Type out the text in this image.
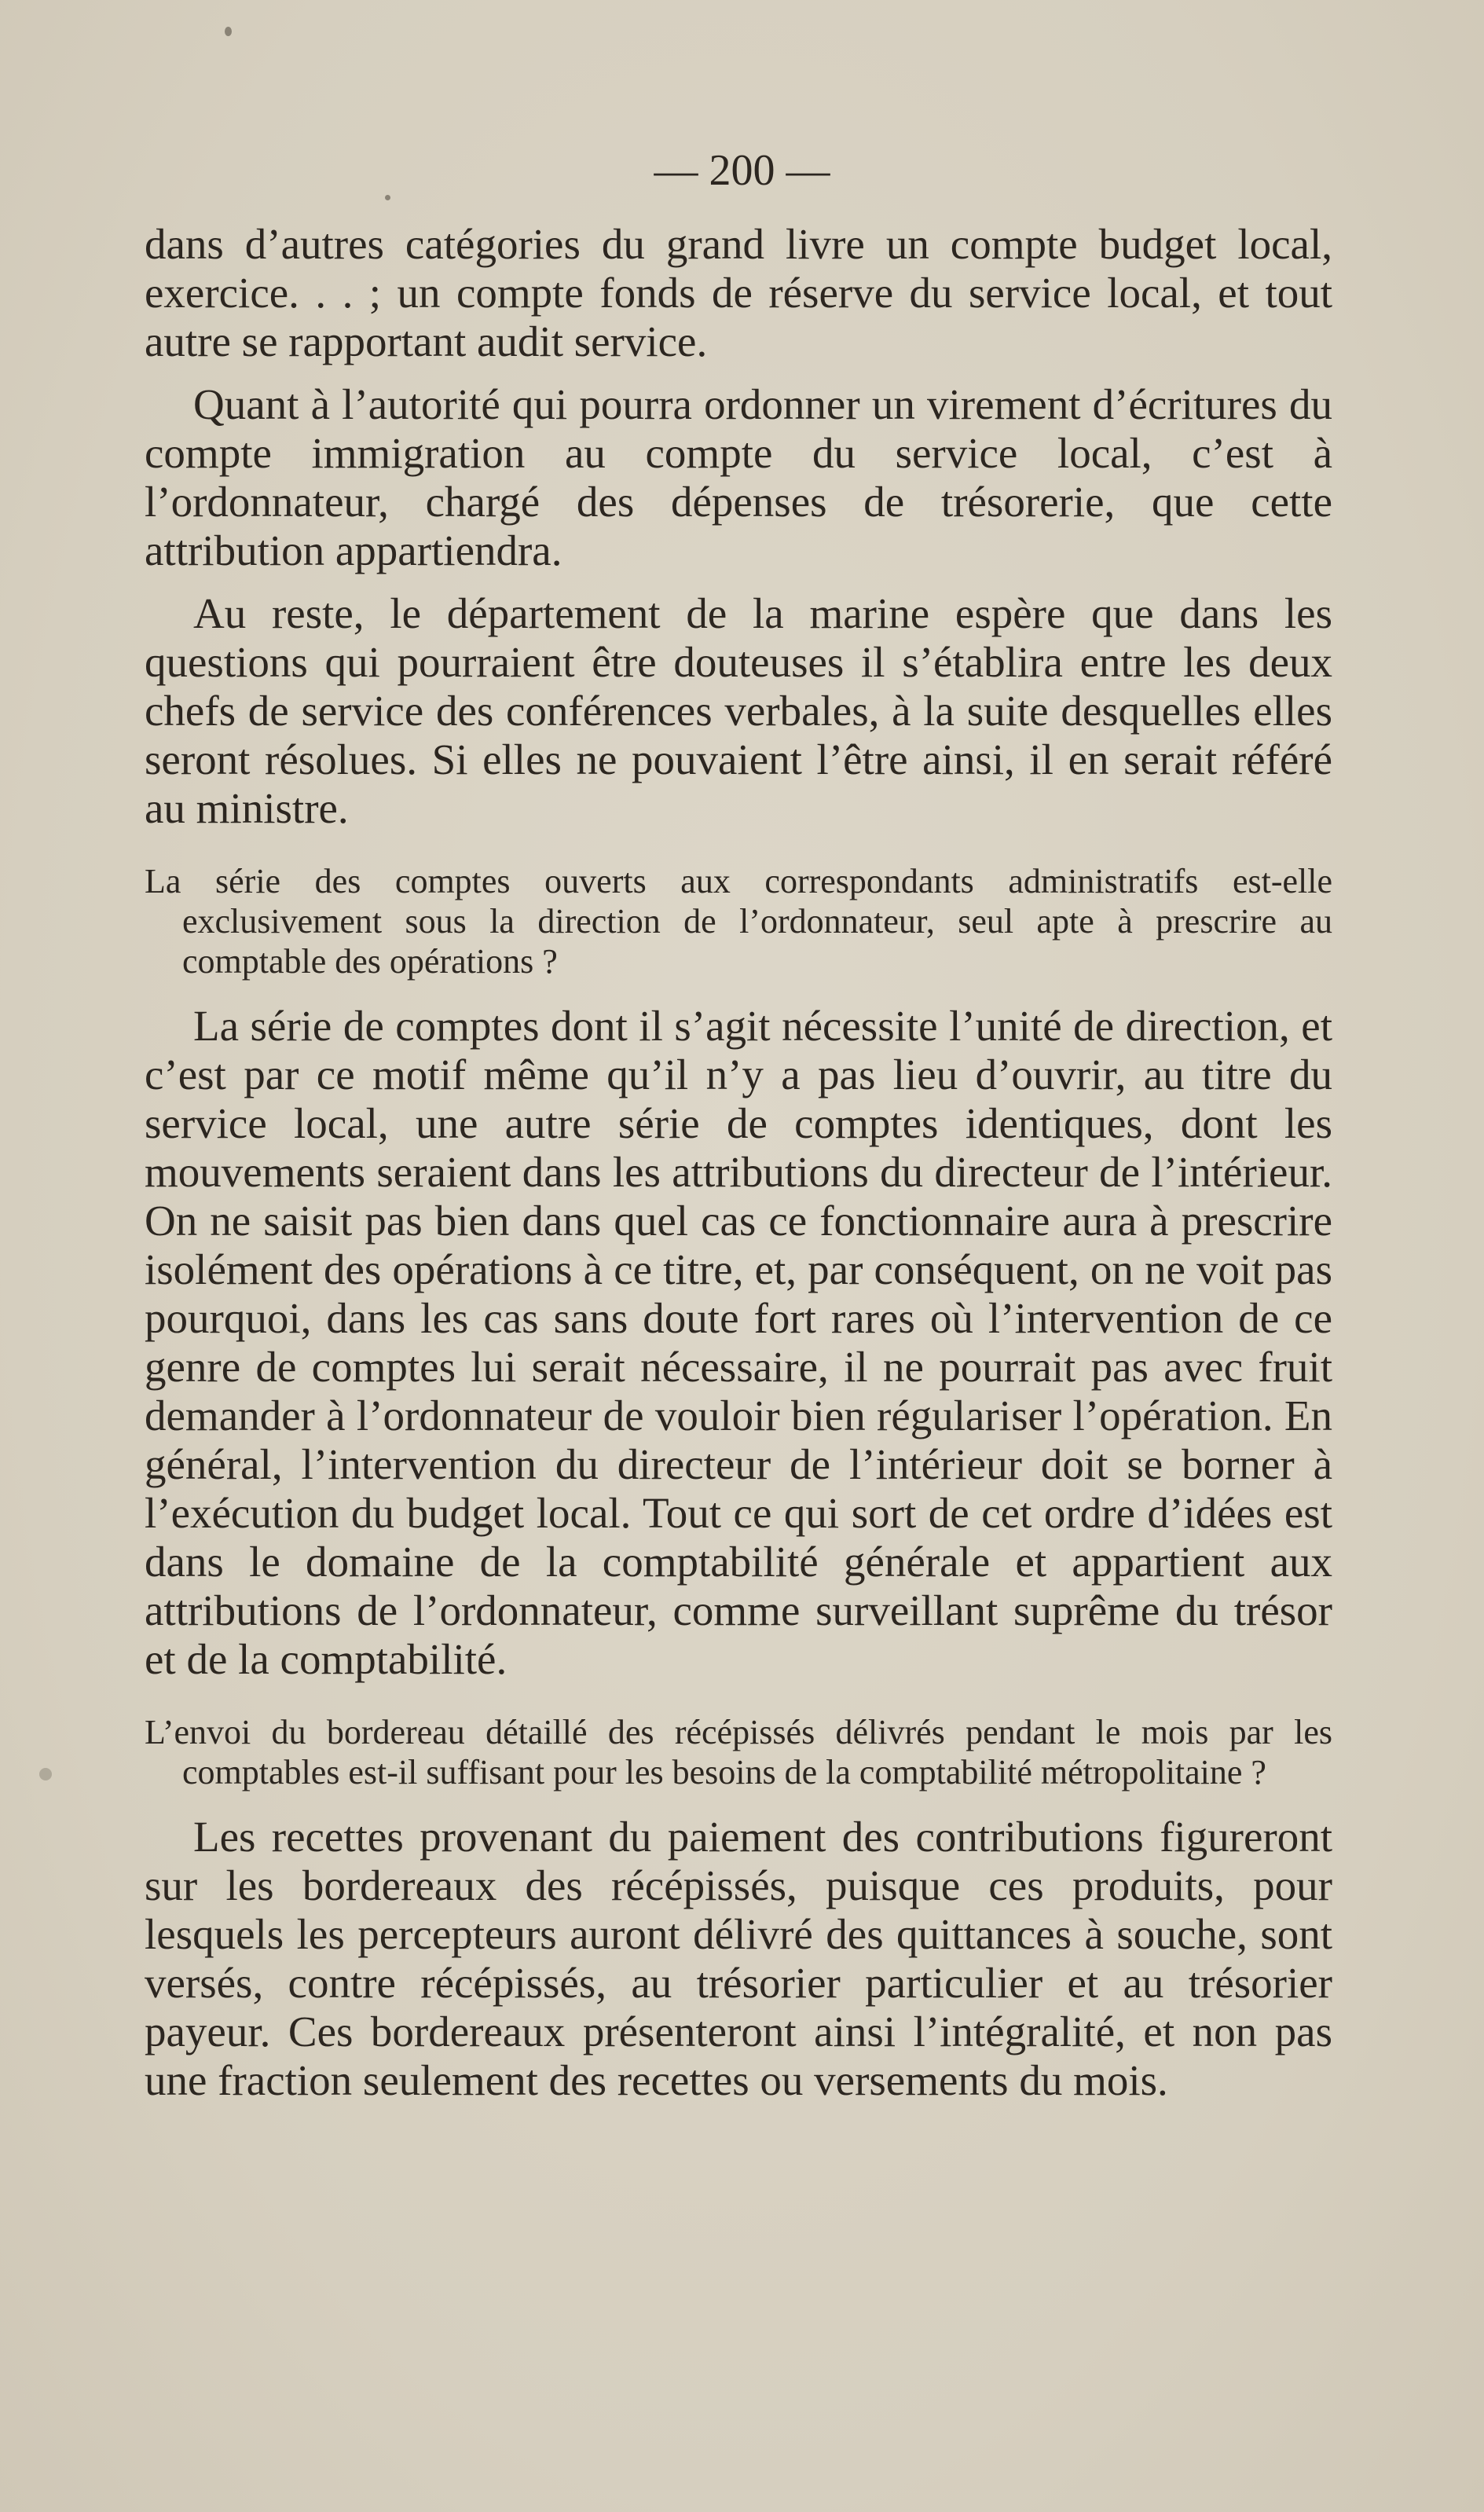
— 200 —

dans d’autres catégories du grand livre un compte budget local, exercice. . . ; un compte fonds de réserve du service local, et tout autre se rapportant audit service.

Quant à l’autorité qui pourra ordonner un virement d’écritures du compte immigration au compte du service local, c’est à l’ordonnateur, chargé des dépenses de trésorerie, que cette attribution appartiendra.

Au reste, le département de la marine espère que dans les questions qui pourraient être douteuses il s’établira entre les deux chefs de service des conférences verbales, à la suite desquelles elles seront résolues. Si elles ne pouvaient l’être ainsi, il en serait référé au ministre.

La série des comptes ouverts aux correspondants administratifs est-elle exclusivement sous la direction de l’ordonnateur, seul apte à prescrire au comptable des opérations ?

La série de comptes dont il s’agit nécessite l’unité de direction, et c’est par ce motif même qu’il n’y a pas lieu d’ouvrir, au titre du service local, une autre série de comptes identiques, dont les mouvements seraient dans les attributions du directeur de l’intérieur. On ne saisit pas bien dans quel cas ce fonctionnaire aura à prescrire isolément des opérations à ce titre, et, par conséquent, on ne voit pas pourquoi, dans les cas sans doute fort rares où l’intervention de ce genre de comptes lui serait nécessaire, il ne pourrait pas avec fruit demander à l’ordonnateur de vouloir bien régulariser l’opération. En général, l’intervention du directeur de l’intérieur doit se borner à l’exécution du budget local. Tout ce qui sort de cet ordre d’idées est dans le domaine de la comptabilité générale et appartient aux attributions de l’ordonnateur, comme surveillant suprême du trésor et de la comptabilité.

L’envoi du bordereau détaillé des récépissés délivrés pendant le mois par les comptables est-il suffisant pour les besoins de la comptabilité métropolitaine ?

Les recettes provenant du paiement des contributions figureront sur les bordereaux des récépissés, puisque ces produits, pour lesquels les percepteurs auront délivré des quittances à souche, sont versés, contre récépissés, au trésorier particulier et au trésorier payeur. Ces bordereaux présenteront ainsi l’intégralité, et non pas une fraction seulement des recettes ou versements du mois.
